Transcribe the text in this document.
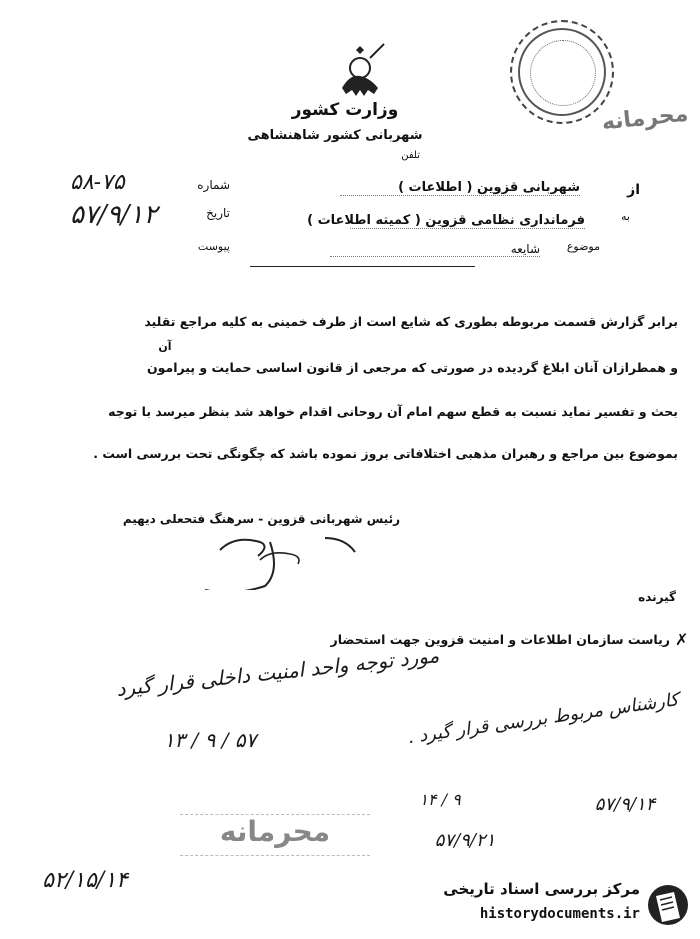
وزارت کشور
شهربانی کشور شاهنشاهی
تلفن
محرمانه
شماره
۵۸-۷۵
تاریخ
۵۷/۹/۱۲
پیوست
از
شهربانی قزوین ( اطلاعات )
به
فرمانداری نظامی قزوین ( کمیته اطلاعات )
موضوع
شایعه
برابر گزارش قسمت مربوطه بطوری که شایع است از طرف خمینی به کلیه مراجع تقلید
آن
و همطرازان آنان ابلاغ گردیده در صورتی که مرجعی از قانون اساسی حمایت و پیرامون
بحث و تفسیر نماید نسبت به قطع سهم امام آن روحانی اقدام خواهد شد بنظر میرسد با توجه
بموضوع بین مراجع و رهبران مذهبی اختلافاتی بروز نموده باشد که چگونگی تحت بررسی است .
رئیس شهربانی قزوین - سرهنگ فتحعلی دیهیم
گیرنده
ریاست سازمان اطلاعات و امنیت قزوین جهت استحضار ✗
مورد توجه واحد امنیت داخلی قرار گیرد
۵۷ / ۹ / ۱۳	کارشناس مربوط بررسی قرار گیرد .
۹ / ۱۴
۵۷/۹/۲۱
۵۷/۹/۱۴
محرمانه
۵۲/۱۵/۱۴	مرکز بررسی اسناد تاریخی
historydocuments.ir
